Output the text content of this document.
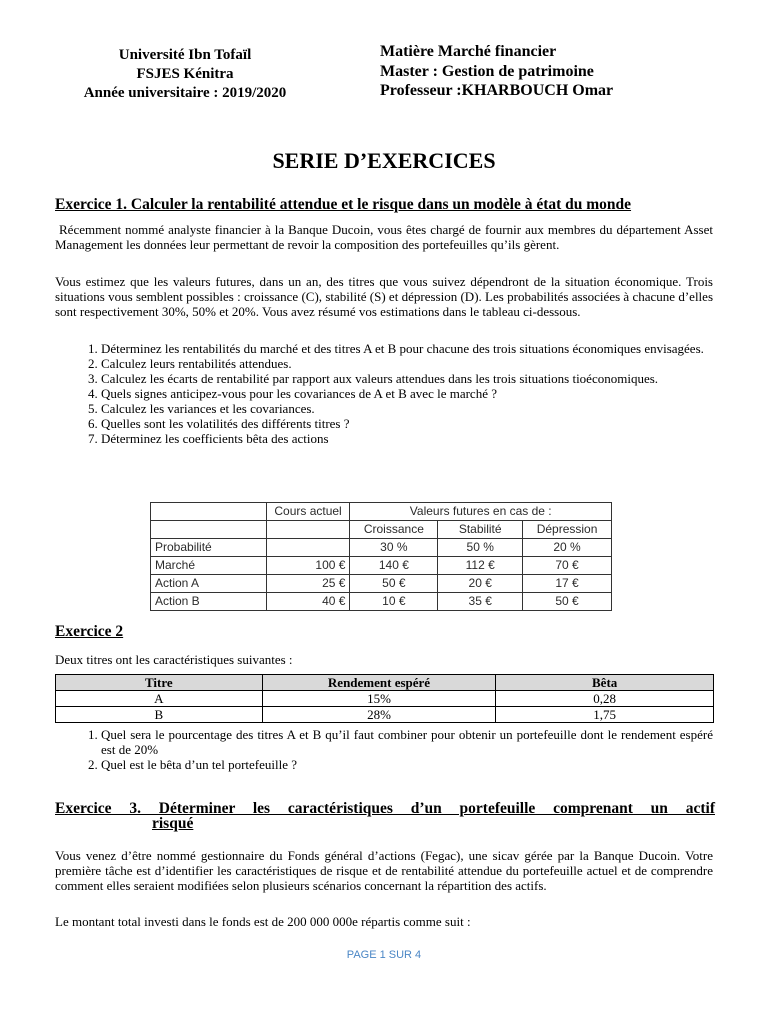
Université Ibn Tofaïl
FSJES Kénitra
Année universitaire : 2019/2020
Matière Marché financier
Master : Gestion de patrimoine
Professeur :KHARBOUCH Omar
SERIE D’EXERCICES
Exercice 1. Calculer la rentabilité attendue et le risque dans un modèle à état du monde
Récemment nommé analyste financier à la Banque Ducoin, vous êtes chargé de fournir aux membres du département Asset Management les données leur permettant de revoir la composition des portefeuilles qu’ils gèrent.
Vous estimez que les valeurs futures, dans un an, des titres que vous suivez dépendront de la situation économique. Trois situations vous semblent possibles : croissance (C), stabilité (S) et dépression (D). Les probabilités associées à chacune d’elles sont respectivement 30%, 50% et 20%. Vous avez résumé vos estimations dans le tableau ci-dessous.
1. Déterminez les rentabilités du marché et des titres A et B pour chacune des trois situations économiques envisagées.
2. Calculez leurs rentabilités attendues.
3. Calculez les écarts de rentabilité par rapport aux valeurs attendues dans les trois situations tioéconomiques.
4. Quels signes anticipez-vous pour les covariances de A et B avec le marché ?
5. Calculez les variances et les covariances.
6. Quelles sont les volatilités des différents titres ?
7. Déterminez les coefficients bêta des actions
	Cours actuel	Valeurs futures en cas de :		
		Croissance	Stabilité	Dépression
Probabilité		30 %	50 %	20 %
Marché	100 €	140 €	112 €	70 €
Action A	25 €	50 €	20 €	17 €
Action B	40 €	10 €	35 €	50 €
Exercice 2
Deux titres ont les caractéristiques suivantes :
Titre	Rendement espéré	Bêta
A	15%	0,28
B	28%	1,75
1. Quel sera le pourcentage des titres A et B qu’il faut combiner pour obtenir un portefeuille dont le rendement espéré est de 20%
2. Quel est le bêta d’un tel portefeuille ?
Exercice 3. Déterminer les caractéristiques d’un portefeuille comprenant un actif
risqué
Vous venez d’être nommé gestionnaire du Fonds général d’actions (Fegac), une sicav gérée par la Banque Ducoin. Votre première tâche est d’identifier les caractéristiques de risque et de rentabilité attendue du portefeuille actuel et de comprendre comment elles seraient modifiées selon plusieurs scénarios concernant la répartition des actifs.
Le montant total investi dans le fonds est de 200 000 000e répartis comme suit :
PAGE 1 SUR 4
